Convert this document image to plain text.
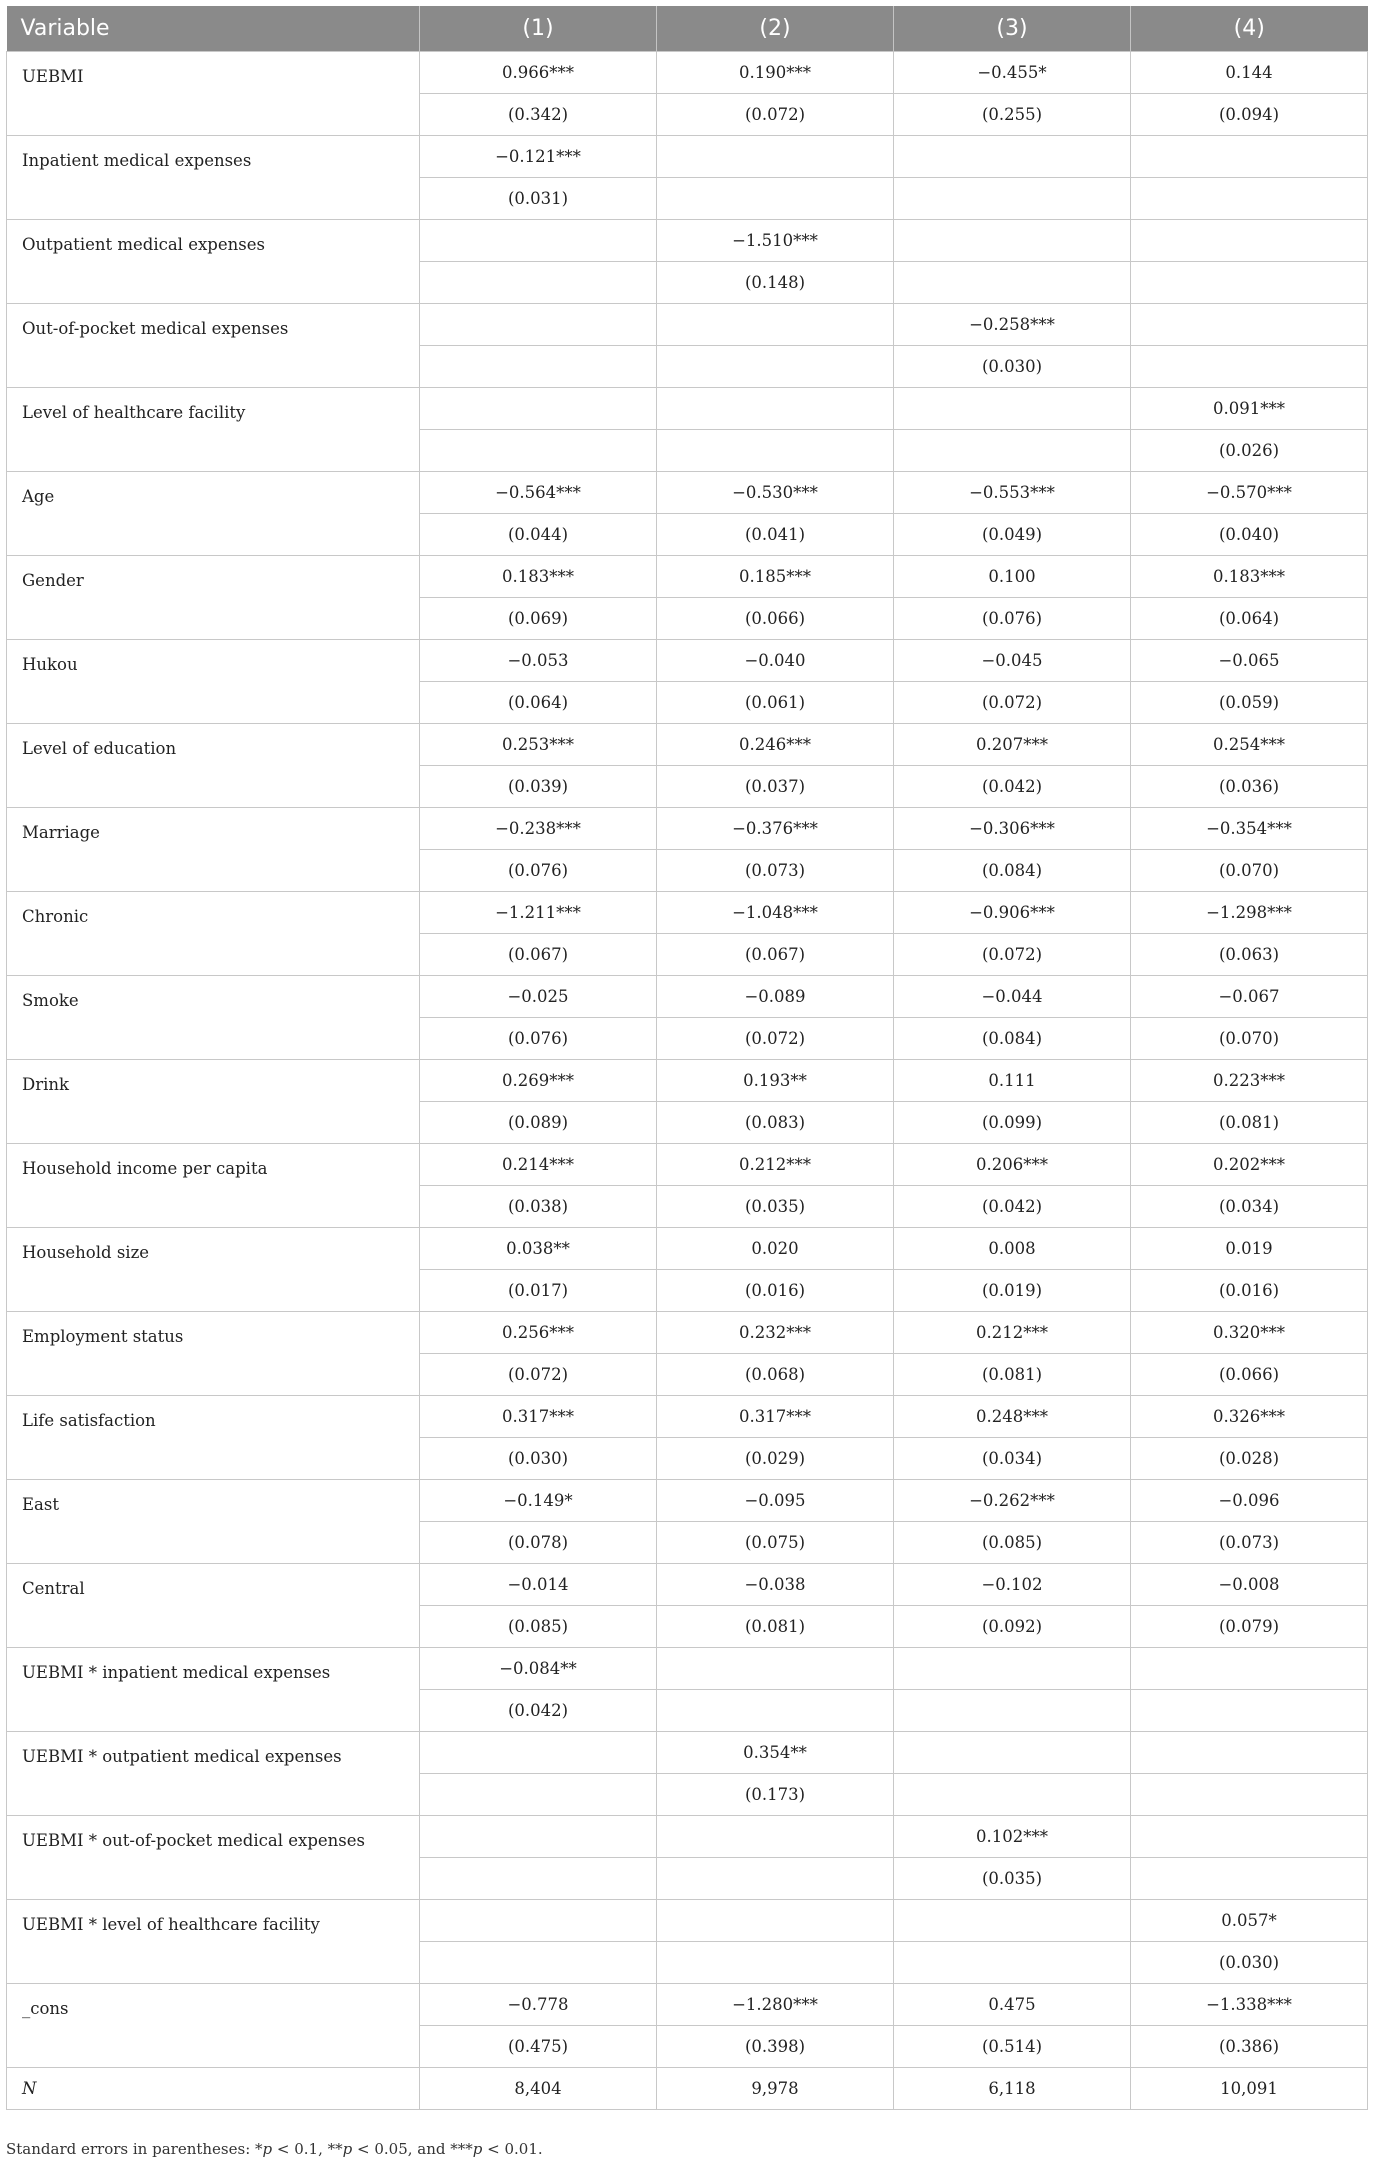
Variable	(1)	(2)	(3)	(4)
UEBMI	0.966***	0.190***	−0.455*	0.144
	(0.342)	(0.072)	(0.255)	(0.094)
Inpatient medical expenses	−0.121***			
	(0.031)			
Outpatient medical expenses		−1.510***		
		(0.148)		
Out-of-pocket medical expenses			−0.258***	
			(0.030)	
Level of healthcare facility				0.091***
				(0.026)
Age	−0.564***	−0.530***	−0.553***	−0.570***
	(0.044)	(0.041)	(0.049)	(0.040)
Gender	0.183***	0.185***	0.100	0.183***
	(0.069)	(0.066)	(0.076)	(0.064)
Hukou	−0.053	−0.040	−0.045	−0.065
	(0.064)	(0.061)	(0.072)	(0.059)
Level of education	0.253***	0.246***	0.207***	0.254***
	(0.039)	(0.037)	(0.042)	(0.036)
Marriage	−0.238***	−0.376***	−0.306***	−0.354***
	(0.076)	(0.073)	(0.084)	(0.070)
Chronic	−1.211***	−1.048***	−0.906***	−1.298***
	(0.067)	(0.067)	(0.072)	(0.063)
Smoke	−0.025	−0.089	−0.044	−0.067
	(0.076)	(0.072)	(0.084)	(0.070)
Drink	0.269***	0.193**	0.111	0.223***
	(0.089)	(0.083)	(0.099)	(0.081)
Household income per capita	0.214***	0.212***	0.206***	0.202***
	(0.038)	(0.035)	(0.042)	(0.034)
Household size	0.038**	0.020	0.008	0.019
	(0.017)	(0.016)	(0.019)	(0.016)
Employment status	0.256***	0.232***	0.212***	0.320***
	(0.072)	(0.068)	(0.081)	(0.066)
Life satisfaction	0.317***	0.317***	0.248***	0.326***
	(0.030)	(0.029)	(0.034)	(0.028)
East	−0.149*	−0.095	−0.262***	−0.096
	(0.078)	(0.075)	(0.085)	(0.073)
Central	−0.014	−0.038	−0.102	−0.008
	(0.085)	(0.081)	(0.092)	(0.079)
UEBMI * inpatient medical expenses	−0.084**			
	(0.042)			
UEBMI * outpatient medical expenses		0.354**		
		(0.173)		
UEBMI * out-of-pocket medical expenses			0.102***	
			(0.035)	
UEBMI * level of healthcare facility				0.057*
				(0.030)
_cons	−0.778	−1.280***	0.475	−1.338***
	(0.475)	(0.398)	(0.514)	(0.386)
N	8,404	9,978	6,118	10,091
Standard errors in parentheses: *p < 0.1, **p < 0.05, and ***p < 0.01.
